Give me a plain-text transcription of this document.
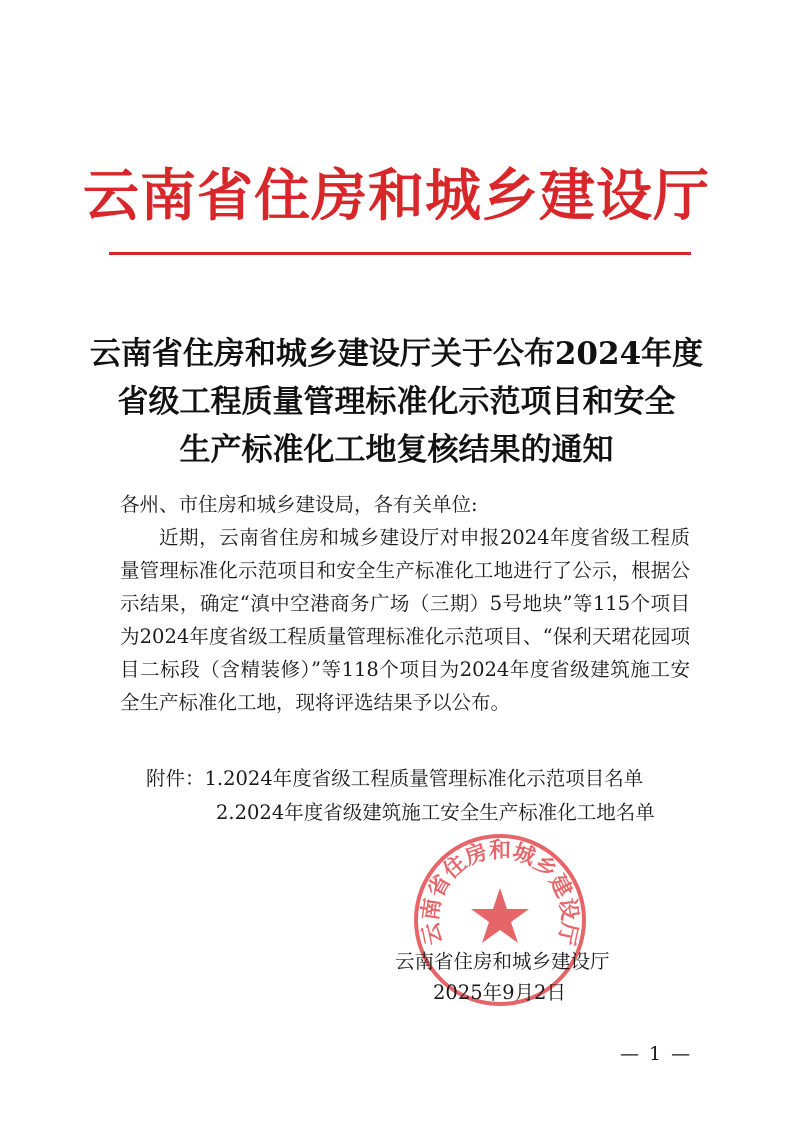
云南省住房和城乡建设厅
云南省住房和城乡建设厅关于公布2024年度
省级工程质量管理标准化示范项目和安全
生产标准化工地复核结果的通知
各州、市住房和城乡建设局，各有关单位:
近期，云南省住房和城乡建设厅对申报2024年度省级工程质量管理标准化示范项目和安全生产标准化工地进行了公示，根据公示结果，确定“滇中空港商务广场（三期）5号地块”等115个项目为2024年度省级工程质量管理标准化示范项目、“保利天珺花园项目二标段（含精装修）”等118个项目为2024年度省级建筑施工安全生产标准化工地，现将评选结果予以公布。
附件：1.2024年度省级工程质量管理标准化示范项目名单
2.2024年度省级建筑施工安全生产标准化工地名单
云南省住房和城乡建设厅
云南省住房和城乡建设厅
2025年9月2日
— 1 —
